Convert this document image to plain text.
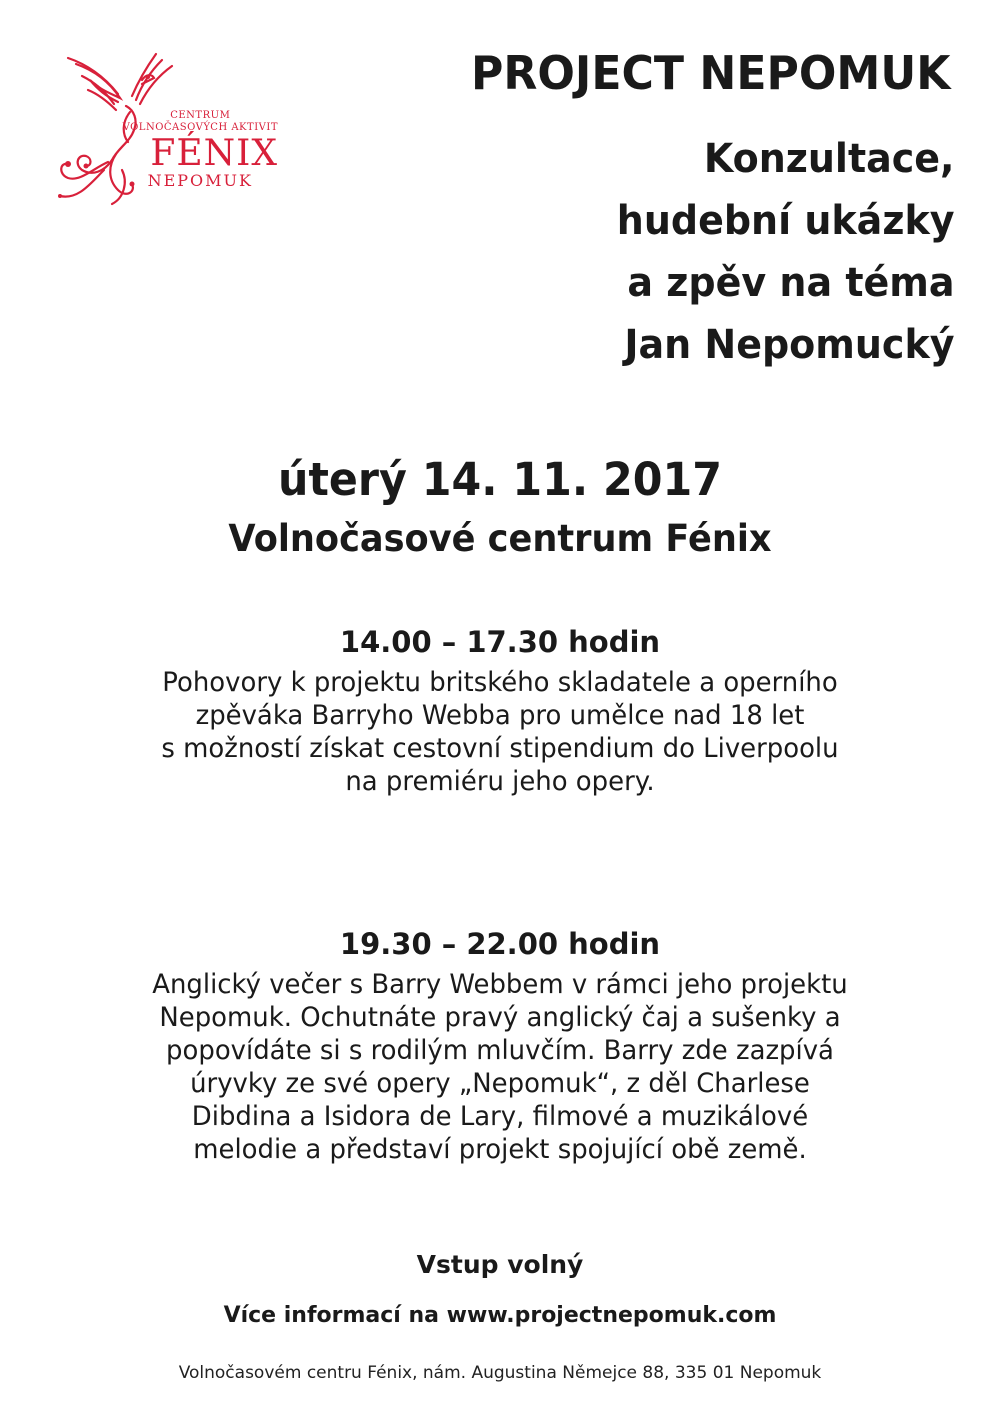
CENTRUM
VOLNOČASOVÝCH AKTIVIT
FÉNIX
NEPOMUK
PROJECT NEPOMUK
Konzultace,
hudební ukázky
a zpěv na téma
Jan Nepomucký
úterý 14. 11. 2017
Volnočasové centrum Fénix
14.00 – 17.30 hodin
Pohovory k projektu britského skladatele a operního
zpěváka Barryho Webba pro umělce nad 18 let
s možností získat cestovní stipendium do Liverpoolu
na premiéru jeho opery.
19.30 – 22.00 hodin
Anglický večer s Barry Webbem v rámci jeho projektu
Nepomuk. Ochutnáte pravý anglický čaj a sušenky a
popovídáte si s rodilým mluvčím. Barry zde zazpívá
úryvky ze své opery „Nepomuk“, z děl Charlese
Dibdina a Isidora de Lary, filmové a muzikálové
melodie a představí projekt spojující obě země.
Vstup volný
Více informací na www.projectnepomuk.com
Volnočasovém centru Fénix, nám. Augustina Němejce 88, 335 01 Nepomuk
